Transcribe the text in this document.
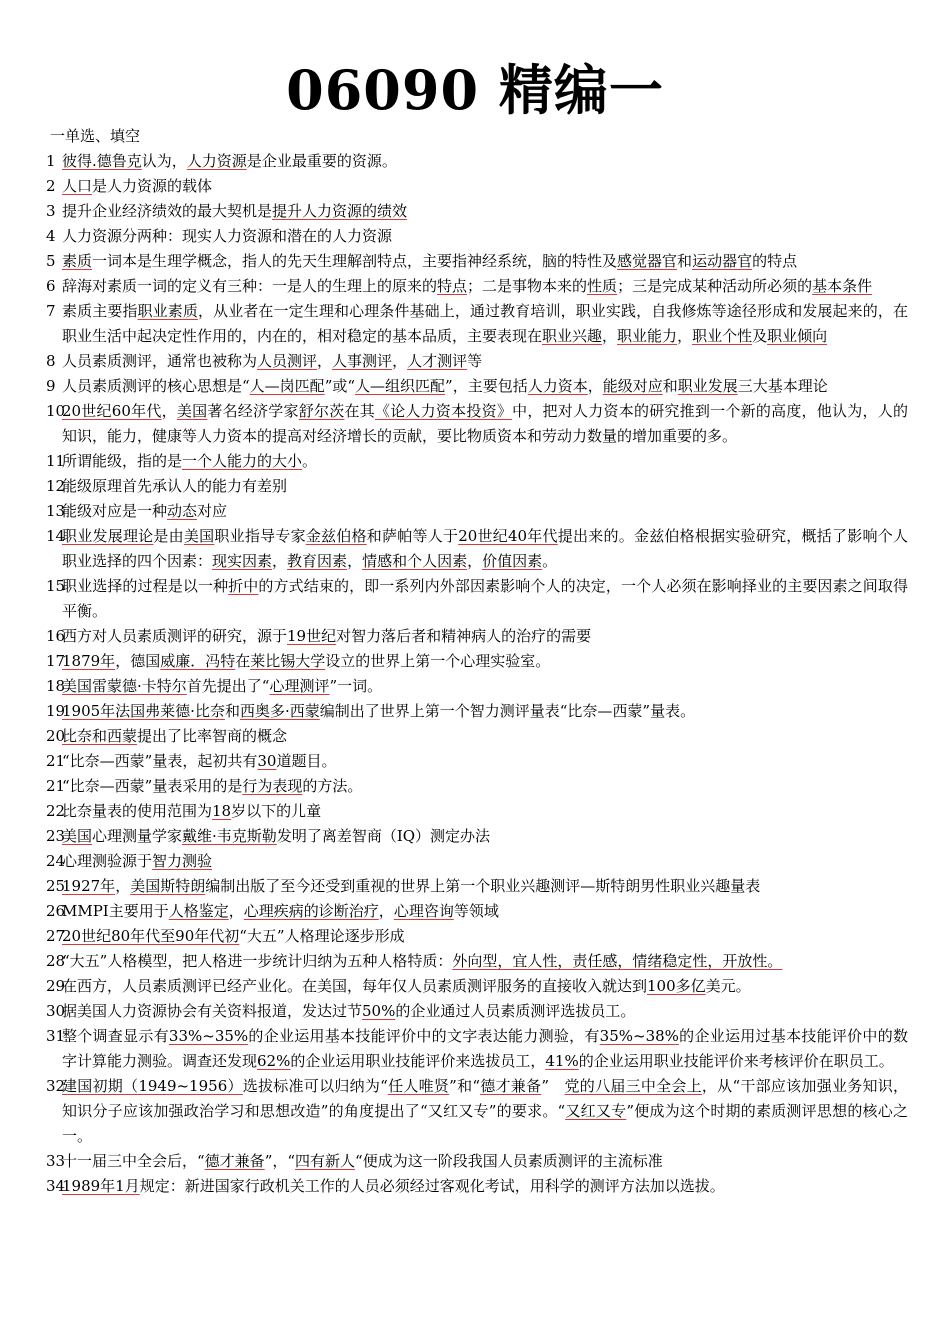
06090 精编一
一单选、填空
1 彼得.德鲁克认为，人力资源是企业最重要的资源。
2 人口是人力资源的载体
3 提升企业经济绩效的最大契机是提升人力资源的绩效
4 人力资源分两种：现实人力资源和潜在的人力资源
5 素质一词本是生理学概念，指人的先天生理解剖特点，主要指神经系统，脑的特性及感觉器官和运动器官的特点
6 辞海对素质一词的定义有三种：一是人的生理上的原来的特点；二是事物本来的性质；三是完成某种活动所必须的基本条件
7 素质主要指职业素质，从业者在一定生理和心理条件基础上，通过教育培训，职业实践，自我修炼等途径形成和发展起来的，在职业生活中起决定性作用的，内在的，相对稳定的基本品质，主要表现在职业兴趣，职业能力，职业个性及职业倾向
8 人员素质测评，通常也被称为人员测评，人事测评，人才测评等
9 人员素质测评的核心思想是“人—岗匹配”或“人—组织匹配”，主要包括人力资本，能级对应和职业发展三大基本理论
10
20世纪60年代，美国著名经济学家舒尔茨在其《论人力资本投资》中，把对人力资本的研究推到一个新的高度，他认为，人的知识，能力，健康等人力资本的提高对经济增长的贡献，要比物质资本和劳动力数量的增加重要的多。
11
所谓能级，指的是一个人能力的大小。
12
能级原理首先承认人的能力有差别
13
能级对应是一种动态对应
14
职业发展理论是由美国职业指导专家金兹伯格和萨帕等人于20世纪40年代提出来的。金兹伯格根据实验研究，概括了影响个人职业选择的四个因素：现实因素，教育因素，情感和个人因素，价值因素。
15
职业选择的过程是以一种折中的方式结束的，即一系列内外部因素影响个人的决定，一个人必须在影响择业的主要因素之间取得平衡。
16
西方对人员素质测评的研究，源于19世纪对智力落后者和精神病人的治疗的需要
17
1879年，德国威廉．冯特在莱比锡大学设立的世界上第一个心理实验室。
18
美国雷蒙德·卡特尔首先提出了“心理测评”一词。
19
1905年法国弗莱德·比奈和西奥多·西蒙编制出了世界上第一个智力测评量表“比奈—西蒙”量表。
20
比奈和西蒙提出了比率智商的概念
21
“比奈—西蒙”量表，起初共有30道题目。
21
“比奈—西蒙”量表采用的是行为表现的方法。
22
比奈量表的使用范围为18岁以下的儿童
23
美国心理测量学家戴维·韦克斯勒发明了离差智商（IQ）测定办法
24
心理测验源于智力测验
25
1927年，美国斯特朗编制出版了至今还受到重视的世界上第一个职业兴趣测评—斯特朗男性职业兴趣量表
26
MMPI主要用于人格鉴定，心理疾病的诊断治疗，心理咨询等领域
27
20世纪80年代至90年代初“大五”人格理论逐步形成
28
“大五”人格模型，把人格进一步统计归纳为五种人格特质：外向型，宜人性，责任感，情绪稳定性，开放性。
29
在西方，人员素质测评已经产业化。在美国，每年仅人员素质测评服务的直接收入就达到100多亿美元。
30
据美国人力资源协会有关资料报道，发达过节50%的企业通过人员素质测评选拔员工。
31
整个调查显示有33%~35%的企业运用基本技能评价中的文字表达能力测验，有35%~38%的企业运用过基本技能评价中的数字计算能力测验。调查还发现62%的企业运用职业技能评价来选拔员工，41%的企业运用职业技能评价来考核评价在职员工。
32
建国初期（1949~1956）选拔标准可以归纳为“任人唯贤”和“德才兼备”　党的八届三中全会上，从“干部应该加强业务知识，知识分子应该加强政治学习和思想改造”的角度提出了“又红又专”的要求。“又红又专”便成为这个时期的素质测评思想的核心之一。
33
十一届三中全会后，“德才兼备”，“四有新人“便成为这一阶段我国人员素质测评的主流标准
34
1989年1月规定：新进国家行政机关工作的人员必须经过客观化考试，用科学的测评方法加以选拔。
